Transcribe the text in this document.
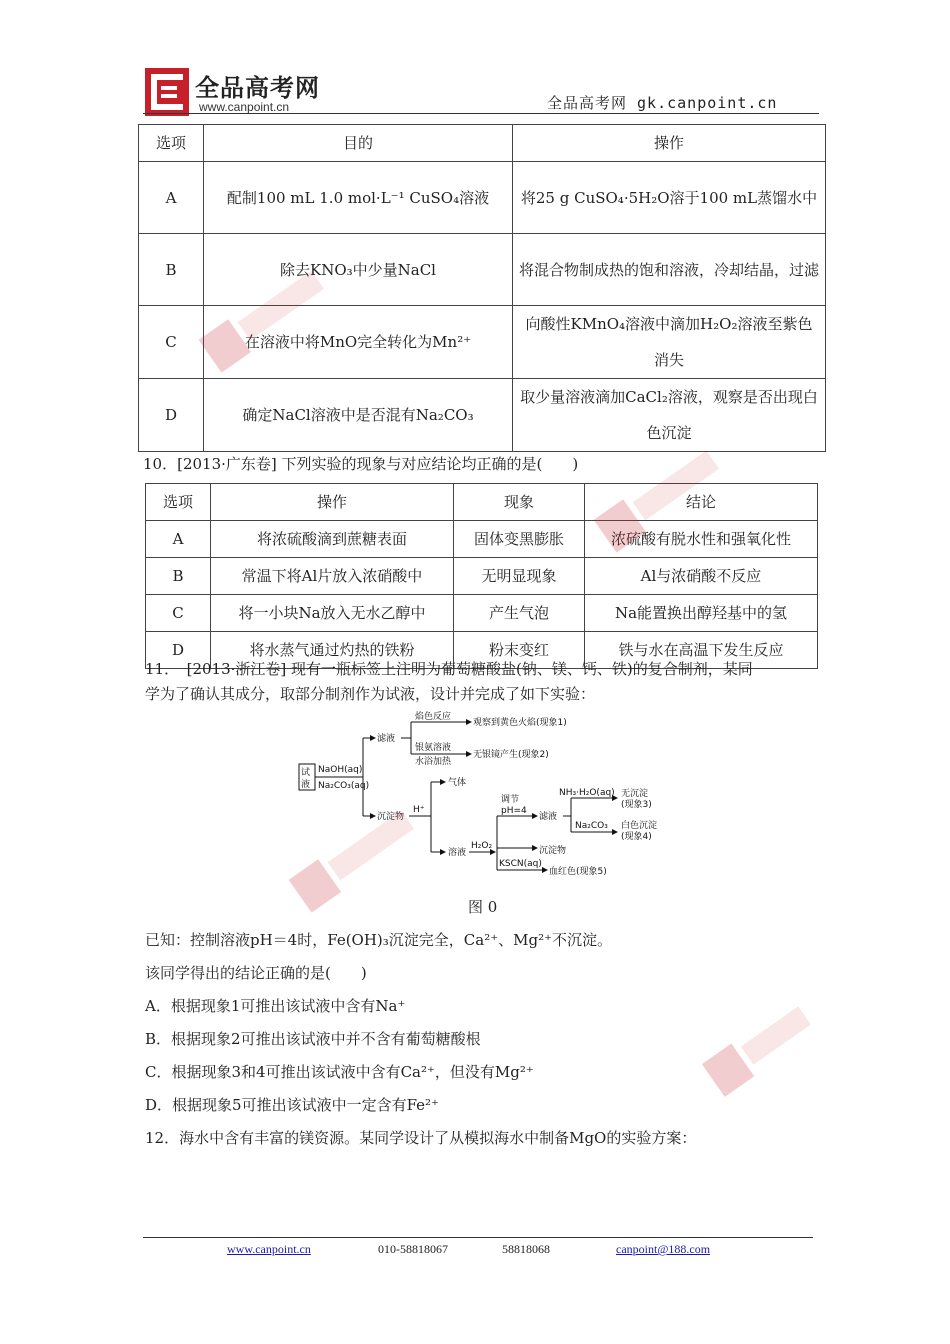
全品高考网
www.canpoint.cn	全品高考网 gk.canpoint.cn
选项	目的	操作
A	配制100 mL 1.0 mol·L⁻¹ CuSO₄溶液	将25 g CuSO₄·5H₂O溶于100 mL蒸馏水中
B	除去KNO₃中少量NaCl	将混合物制成热的饱和溶液，冷却结晶，过滤
C	在溶液中将MnO完全转化为Mn²⁺	向酸性KMnO₄溶液中滴加H₂O₂溶液至紫色消失
D	确定NaCl溶液中是否混有Na₂CO₃	取少量溶液滴加CaCl₂溶液，观察是否出现白色沉淀
10．[2013·广东卷] 下列实验的现象与对应结论均正确的是(　　)
选项	操作	现象	结论
A	将浓硫酸滴到蔗糖表面	固体变黑膨胀	浓硫酸有脱水性和强氧化性
B	常温下将Al片放入浓硝酸中	无明显现象	Al与浓硝酸不反应
C	将一小块Na放入无水乙醇中	产生气泡	Na能置换出醇羟基中的氢
D	将水蒸气通过灼热的铁粉	粉末变红	铁与水在高温下发生反应
11．　[2013·浙江卷] 现有一瓶标签上注明为葡萄糖酸盐(钠、镁、钙、铁)的复合制剂，某同
学为了确认其成分，取部分制剂作为试液，设计并完成了如下实验：
试
液
NaOH(aq)
Na₂CO₃(aq)
滤液
焰色反应
观察到黄色火焰(现象1)
银氨溶液
水浴加热
无银镜产生(现象2)
沉淀物
H⁺
气体
溶液
H₂O₂
调节
pH=4
滤液
NH₃·H₂O(aq) 无沉淀
(现象3)
Na₂CO₃ 白色沉淀
(现象4)
沉淀物
KSCN(aq)
血红色(现象5)
图 0
已知：控制溶液pH＝4时，Fe(OH)₃沉淀完全，Ca²⁺、Mg²⁺不沉淀。
该同学得出的结论正确的是(　　)
A．根据现象1可推出该试液中含有Na⁺
B．根据现象2可推出该试液中并不含有葡萄糖酸根
C．根据现象3和4可推出该试液中含有Ca²⁺，但没有Mg²⁺
D．根据现象5可推出该试液中一定含有Fe²⁺
12．海水中含有丰富的镁资源。某同学设计了从模拟海水中制备MgO的实验方案：
www.canpoint.cn	010-58818067	58818068	canpoint@188.com
